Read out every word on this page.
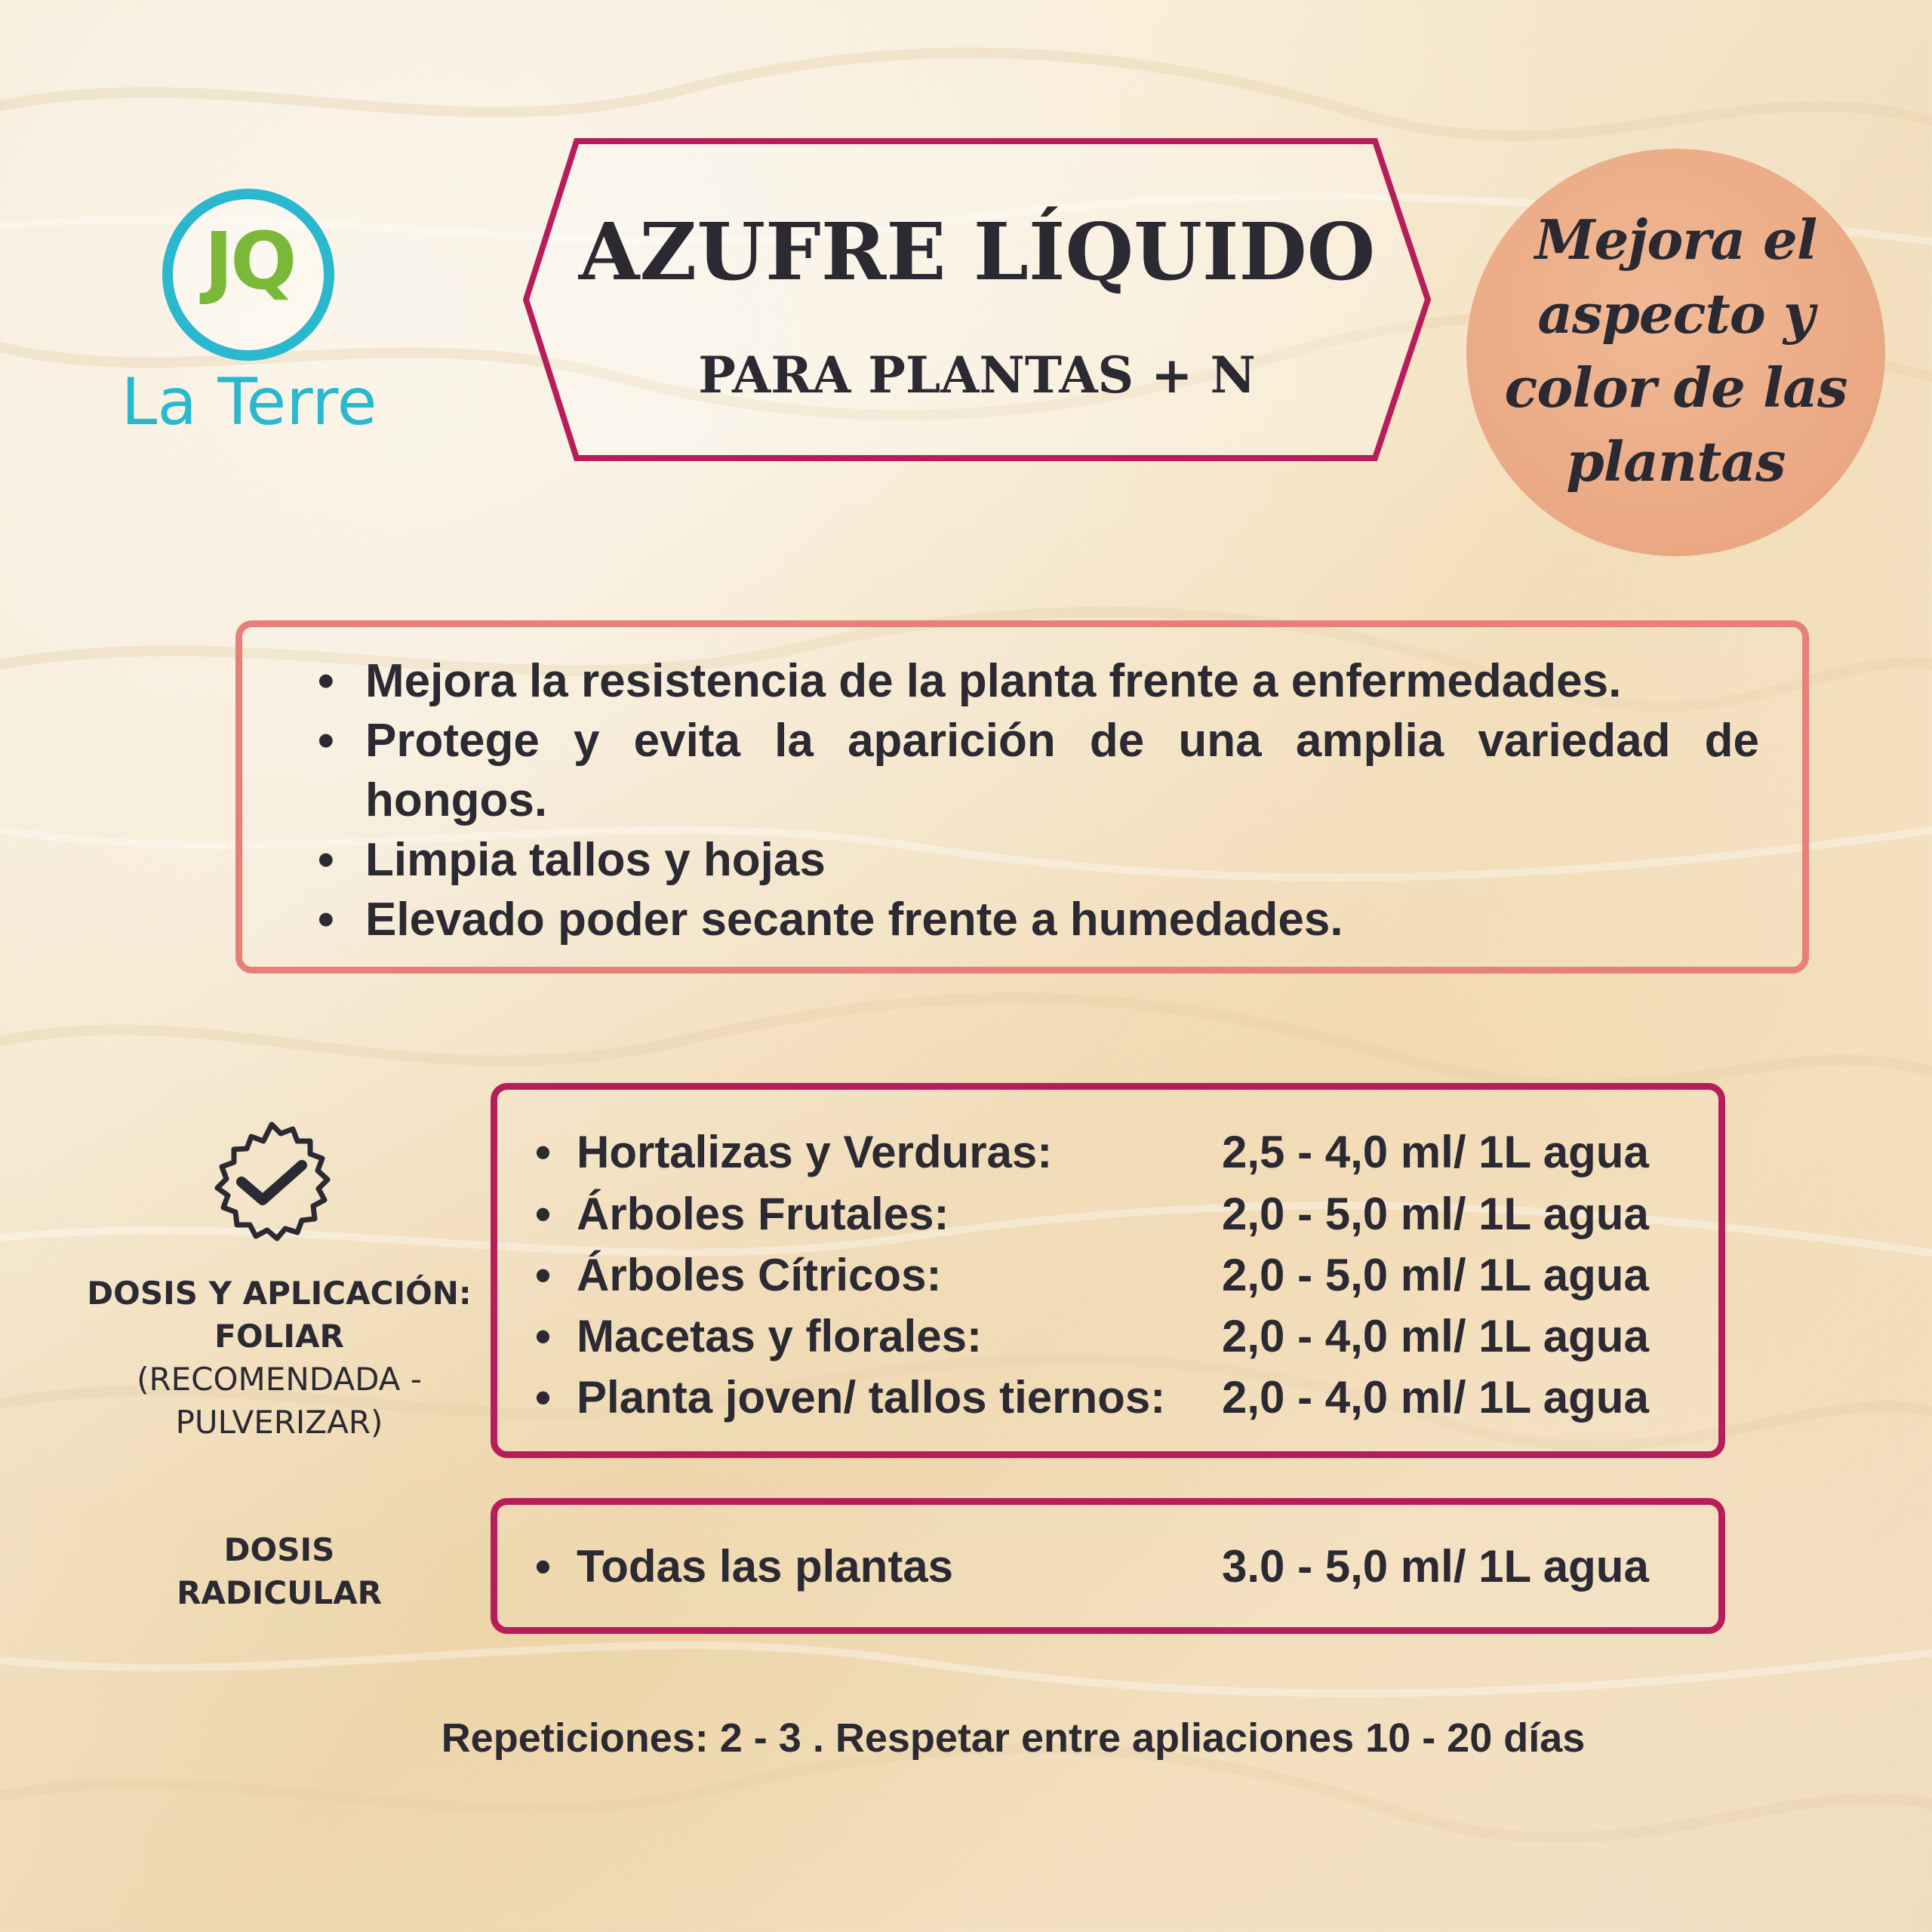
JQ
La Terre
AZUFRE LÍQUIDO
PARA PLANTAS + N
Mejora el
aspecto y
color de las
plantas
• Mejora la resistencia de la planta frente a enfermedades.
• Protege y evita la aparición de una amplia variedad de hongos.
• Limpia tallos y hojas
• Elevado poder secante frente a humedades.
DOSIS Y APLICACIÓN:
FOLIAR
(RECOMENDADA -
PULVERIZAR)
• Hortalizas y Verduras:	2,5 - 4,0 ml/ 1L agua
• Árboles Frutales:	2,0 - 5,0 ml/ 1L agua
• Árboles Cítricos:	2,0 - 5,0 ml/ 1L agua
• Macetas y florales:	2,0 - 4,0 ml/ 1L agua
• Planta joven/ tallos tiernos: 2,0 - 4,0 ml/ 1L agua
DOSIS
RADICULAR
• Todas las plantas	3.0 - 5,0 ml/ 1L agua
Repeticiones: 2 - 3 . Respetar entre apliaciones 10 - 20 días
